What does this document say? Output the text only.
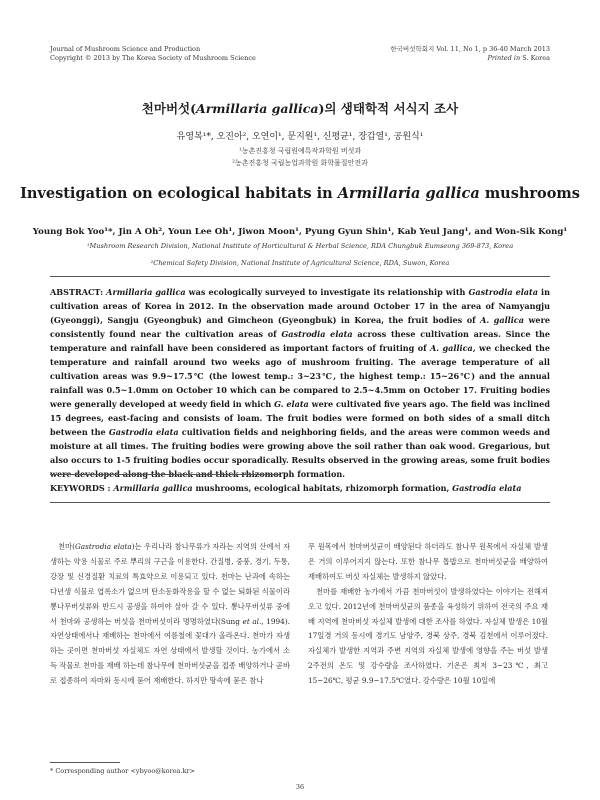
Journal of Mushroom Science and Production
Copyright © 2013 by The Korea Society of Mushroom Science
한국버섯학회지 Vol. 11, No 1, p 36-40 March 2013
Printed in S. Korea
천마버섯(Armillaria gallica)의 생태학적 서식지 조사
유영복¹*, 오진아², 오연이¹, 문지원¹, 신평균¹, 장갑열¹, 공원식¹
¹농촌진흥청 국립원예특작과학원 버섯과
²농촌진흥청 국립농업과학원 화학물질안전과
Investigation on ecological habitats in Armillaria gallica mushrooms
Young Bok Yoo¹*, Jin A Oh², Youn Lee Oh¹, Jiwon Moon¹, Pyung Gyun Shin¹, Kab Yeul Jang¹, and Won-Sik Kong¹
¹Mushroom Research Division, National Institute of Horticultural & Herbal Science, RDA Chungbuk Eumseong 369-873, Korea
²Chemical Safety Division, National Institute of Agricultural Science, RDA, Suwon, Korea
ABSTRACT: Armillaria gallica was ecologically surveyed to investigate its relationship with Gastrodia elata in cultivation areas of Korea in 2012. In the observation made around October 17 in the area of Namyangju (Gyeonggi), Sangju (Gyeongbuk) and Gimcheon (Gyeongbuk) in Korea, the fruit bodies of A. gallica were consistently found near the cultivation areas of Gastrodia elata across these cultivation areas. Since the temperature and rainfall have been considered as important factors of fruiting of A. gallica, we checked the temperature and rainfall around two weeks ago of mushroom fruiting. The average temperature of all cultivation areas was 9.9~17.5℃ (the lowest temp.: 3~23℃, the highest temp.: 15~26℃) and the annual rainfall was 0.5~1.0mm on October 10 which can be compared to 2.5~4.5mm on October 17. Fruiting bodies were generally developed at weedy field in which G. elata were cultivated five years ago. The field was inclined 15 degrees, east-facing and consists of loam. The fruit bodies were formed on both sides of a small ditch between the Gastrodia elata cultivation fields and neighboring fields, and the areas were common weeds and moisture at all times. The fruiting bodies were growing above the soil rather than oak wood. Gregarious, but also occurs to 1-5 fruiting bodies occur sporadically. Results observed in the growing areas, some fruit bodies were developed along the black and thick rhizomorph formation.
KEYWORDS : Armillaria gallica mushrooms, ecological habitats, rhizomorph formation, Gastrodia elata

천마(Gastrodia elata)는 우리나라 참나무류가 자라는 지역의 산에서 자생하는 약용 식물로 주로 뿌리의 구근을 이용한다. 간질병, 중풍, 경기, 두통, 강장 및 신경질환 치료의 특효약으로 이용되고 있다. 천마는 난과에 속하는 다년생 식물로 엽록소가 없으며 탄소동화작용을 할 수 없는 퇴화된 식물이라 뽕나무버섯류와 반드시 공생을 하여야 살아 갈 수 있다. 뽕나무버섯류 중에서 천마와 공생하는 버섯을 천마버섯이라 명명하였다(Sung et al., 1994). 자연상태에서나 재배하는 천마에서 여름철에 꽃대가 올라온다. 천마가 자생하는 곳이면 천마버섯 자실체도 자연 상태에서 발생할 것이다. 농가에서 소득 작물로 천마를 재배 하는데 참나무에 천마버섯균을 접종 배양하거나 곧바로 접종하여 자마와 동시에 묻어 재배한다. 하지만 땅속에 묻은 참나

무 원목에서 천마버섯균이 배양된다 하더라도 참나무 원목에서 자실체 발생은 거의 이루어지지 않는다. 또한 참나무 톱밥으로 천마버섯균을 배양하여 재배하여도 버섯 자실체는 발생하지 않았다.

천마를 재배한 농가에서 가끔 천마버섯이 발생하였다는 이야기는 전해져 오고 있다. 2012년에 천마버섯균의 품종을 육성하기 위하여 전국의 주요 재배 지역에 천마버섯 자실체 발생에 대한 조사를 하였다. 자실체 발생은 10월 17일경 거의 동시에 경기도 남양주, 경북 상주, 경북 김천에서 이루어졌다. 자실체가 발생한 지역과 주변 지역의 자실체 발생에 영향을 주는 버섯 발생 2주전의 온도 및 강수량을 조사하였다. 기온은 최저 3~23℃, 최고 15~26℃, 평균 9.9~17.5℃였다. 강수량은 10월 10일에

* Corresponding author <ybyoo@korea.kr>
36
